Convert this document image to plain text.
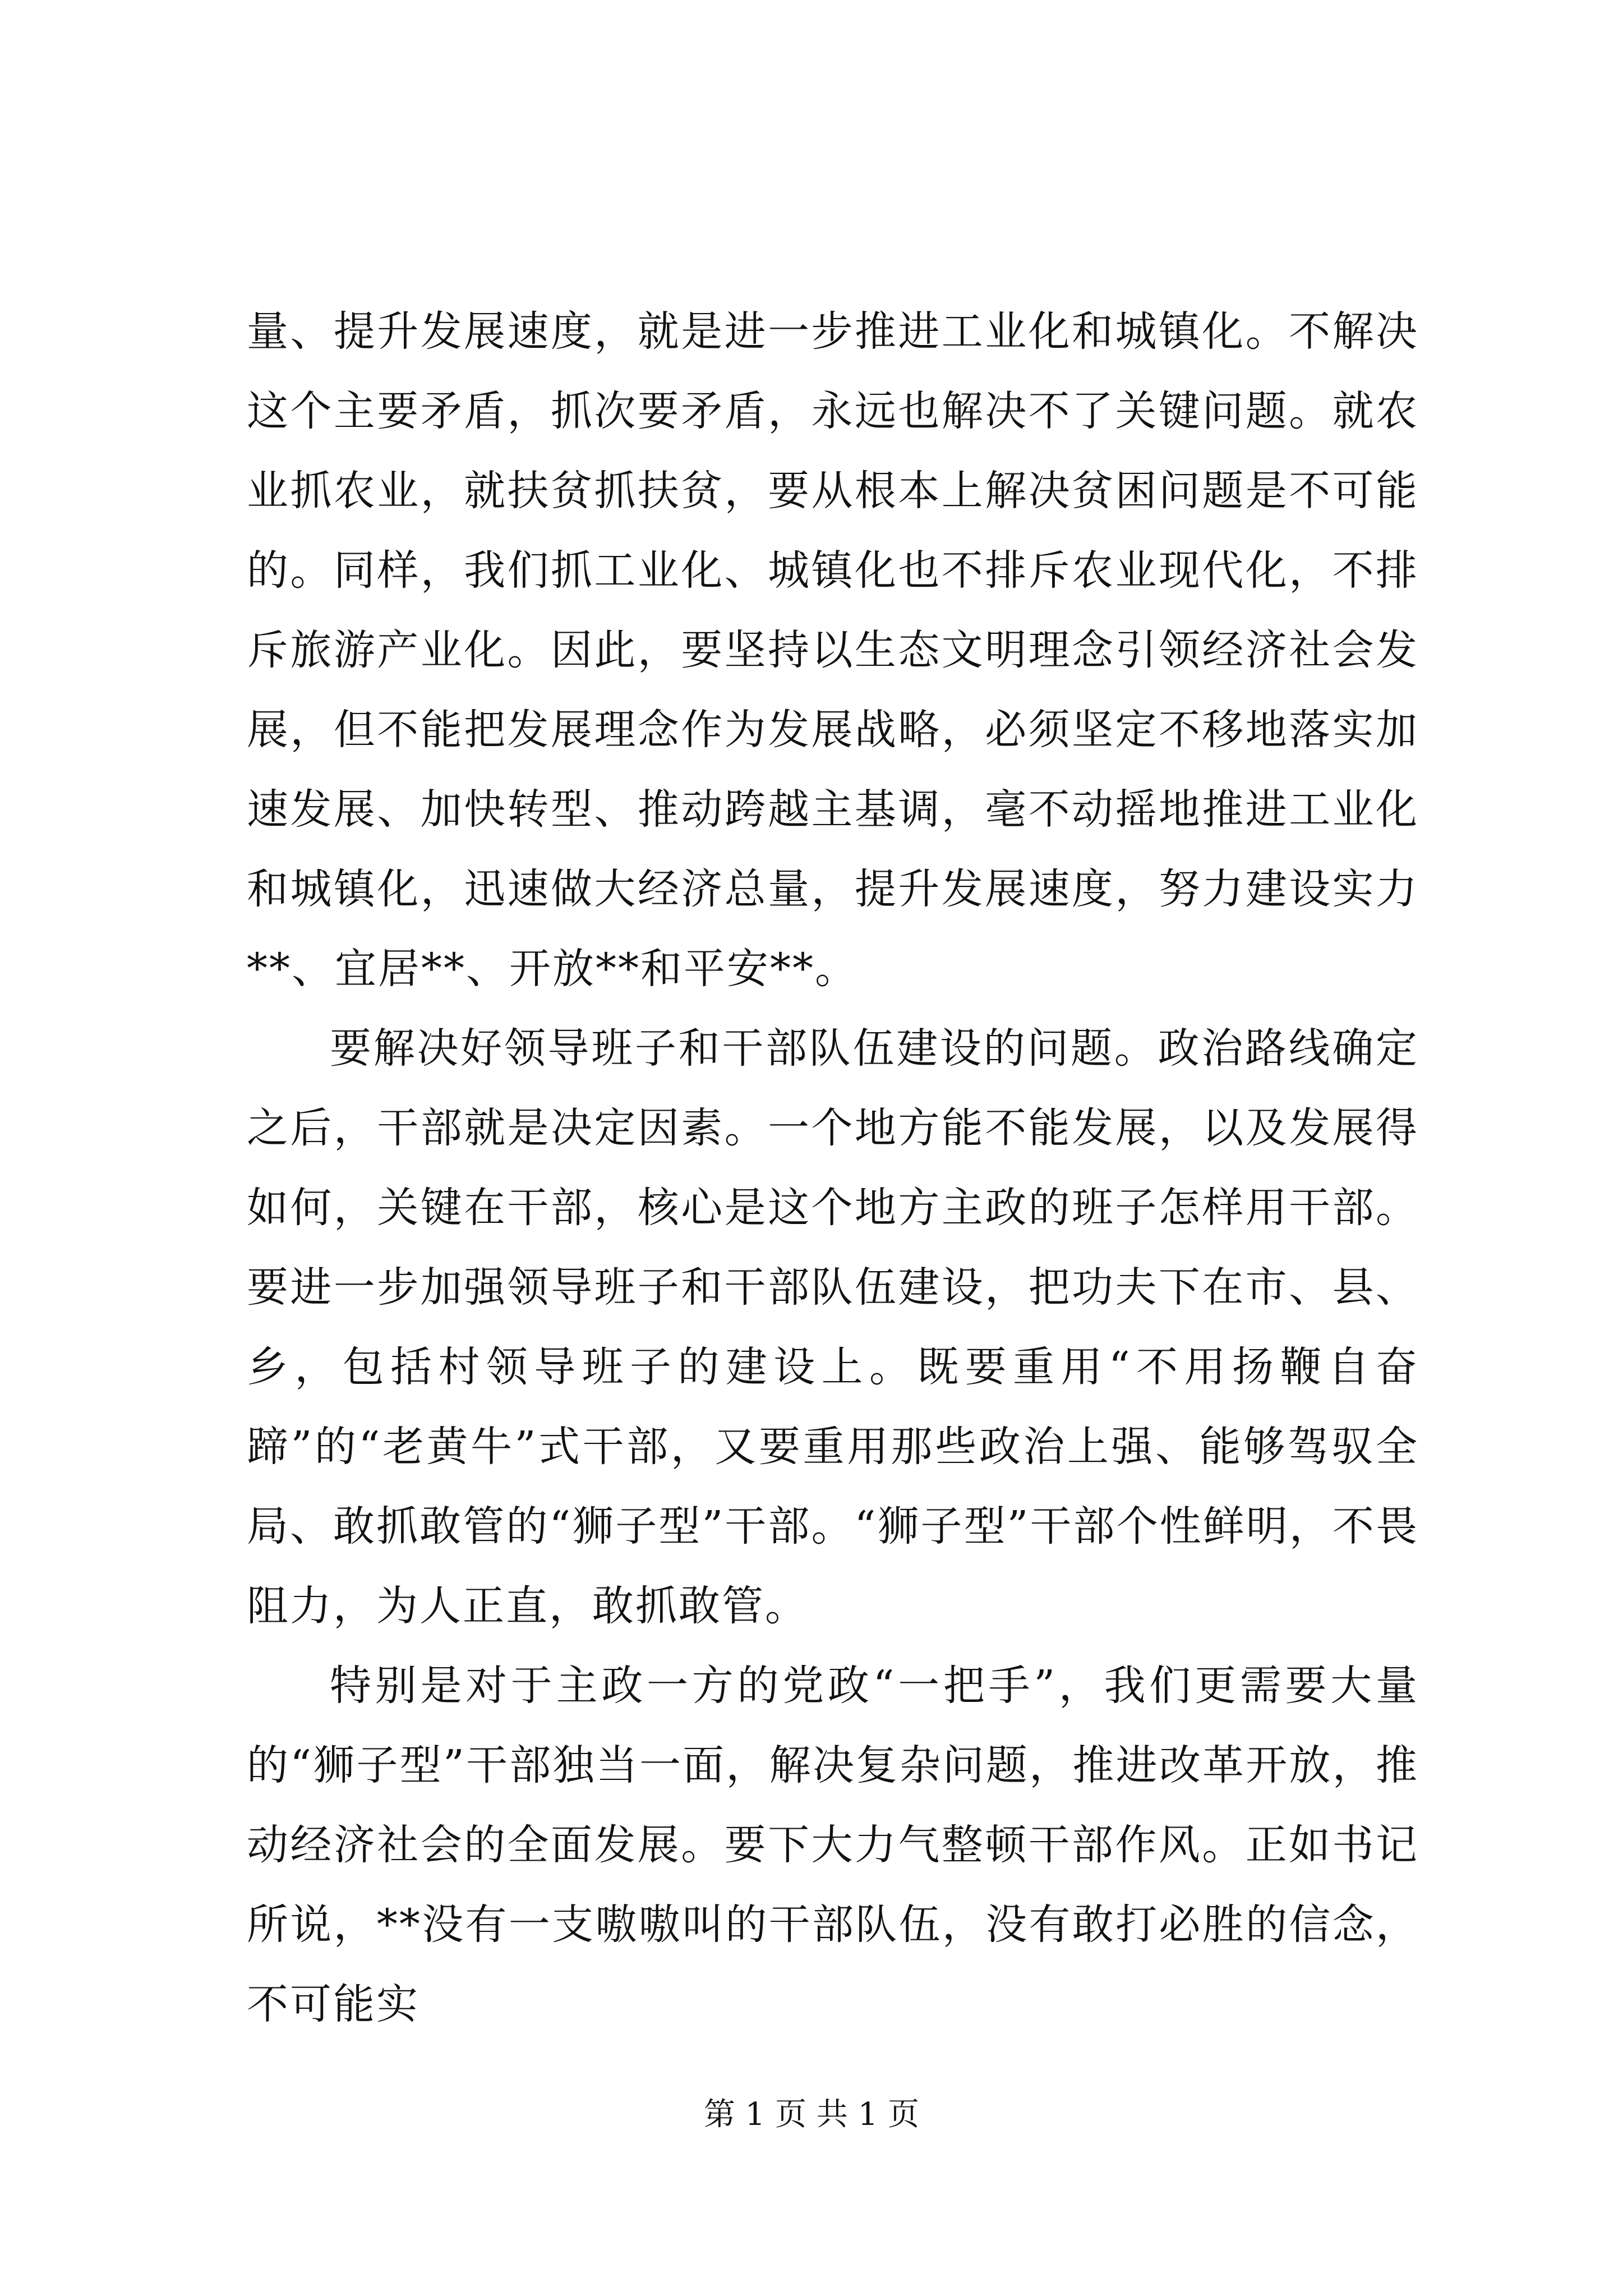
量、提升发展速度，就是进一步推进工业化和城镇化。不解决这个主要矛盾，抓次要矛盾，永远也解决不了关键问题。就农业抓农业，就扶贫抓扶贫，要从根本上解决贫困问题是不可能的。同样，我们抓工业化、城镇化也不排斥农业现代化，不排斥旅游产业化。因此，要坚持以生态文明理念引领经济社会发展，但不能把发展理念作为发展战略，必须坚定不移地落实加速发展、加快转型、推动跨越主基调，毫不动摇地推进工业化和城镇化，迅速做大经济总量，提升发展速度，努力建设实力**、宜居**、开放**和平安**。

要解决好领导班子和干部队伍建设的问题。政治路线确定之后，干部就是决定因素。一个地方能不能发展，以及发展得如何，关键在干部，核心是这个地方主政的班子怎样用干部。要进一步加强领导班子和干部队伍建设，把功夫下在市、县、乡，包括村领导班子的建设上。既要重用“不用扬鞭自奋蹄”的“老黄牛”式干部，又要重用那些政治上强、能够驾驭全局、敢抓敢管的“狮子型”干部。“狮子型”干部个性鲜明，不畏阻力，为人正直，敢抓敢管。

特别是对于主政一方的党政“一把手”，我们更需要大量的“狮子型”干部独当一面，解决复杂问题，推进改革开放，推动经济社会的全面发展。要下大力气整顿干部作风。正如书记所说，**没有一支嗷嗷叫的干部队伍，没有敢打必胜的信念，不可能实

第 1 页 共 1 页
